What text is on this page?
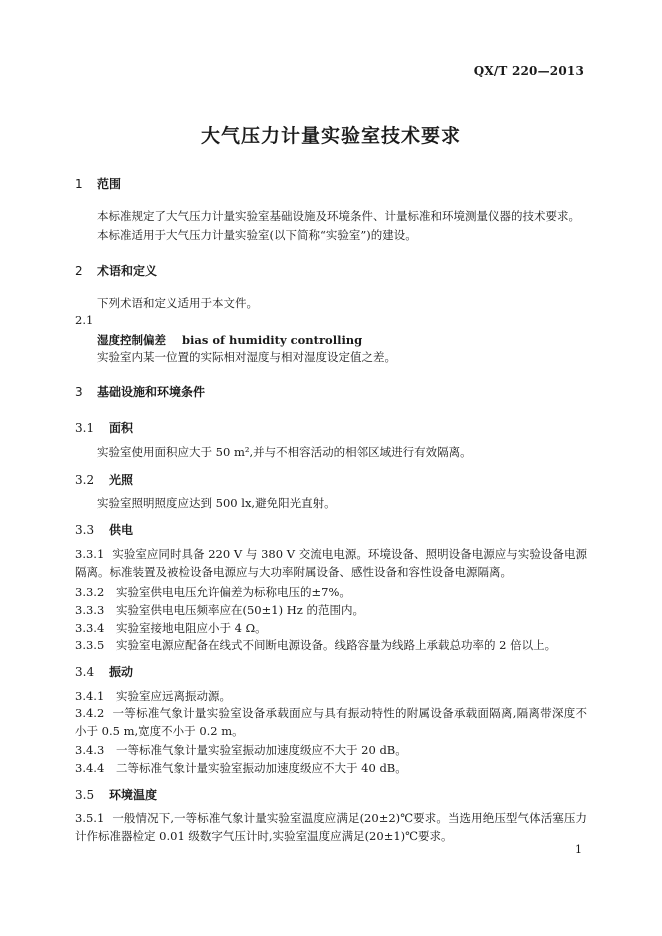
QX/T 220—2013
大气压力计量实验室技术要求
1 范围
本标准规定了大气压力计量实验室基础设施及环境条件、计量标准和环境测量仪器的技术要求。
本标准适用于大气压力计量实验室(以下简称“实验室”)的建设。
2 术语和定义
下列术语和定义适用于本文件。
2.1
湿度控制偏差 bias of humidity controlling
实验室内某一位置的实际相对湿度与相对湿度设定值之差。
3 基础设施和环境条件
3.1 面积
实验室使用面积应大于 50 m²,并与不相容活动的相邻区域进行有效隔离。
3.2 光照
实验室照明照度应达到 500 lx,避免阳光直射。
3.3 供电
3.3.1 实验室应同时具备 220 V 与 380 V 交流电电源。环境设备、照明设备电源应与实验设备电源隔离。标准装置及被检设备电源应与大功率附属设备、感性设备和容性设备电源隔离。
3.3.2 实验室供电电压允许偏差为标称电压的±7%。
3.3.3 实验室供电电压频率应在(50±1) Hz 的范围内。
3.3.4 实验室接地电阻应小于 4 Ω。
3.3.5 实验室电源应配备在线式不间断电源设备。线路容量为线路上承载总功率的 2 倍以上。
3.4 振动
3.4.1 实验室应远离振动源。
3.4.2 一等标准气象计量实验室设备承载面应与具有振动特性的附属设备承载面隔离,隔离带深度不小于 0.5 m,宽度不小于 0.2 m。
3.4.3 一等标准气象计量实验室振动加速度级应不大于 20 dB。
3.4.4 二等标准气象计量实验室振动加速度级应不大于 40 dB。
3.5 环境温度
3.5.1 一般情况下,一等标准气象计量实验室温度应满足(20±2)℃要求。当选用绝压型气体活塞压力计作标准器检定 0.01 级数字气压计时,实验室温度应满足(20±1)℃要求。
1
